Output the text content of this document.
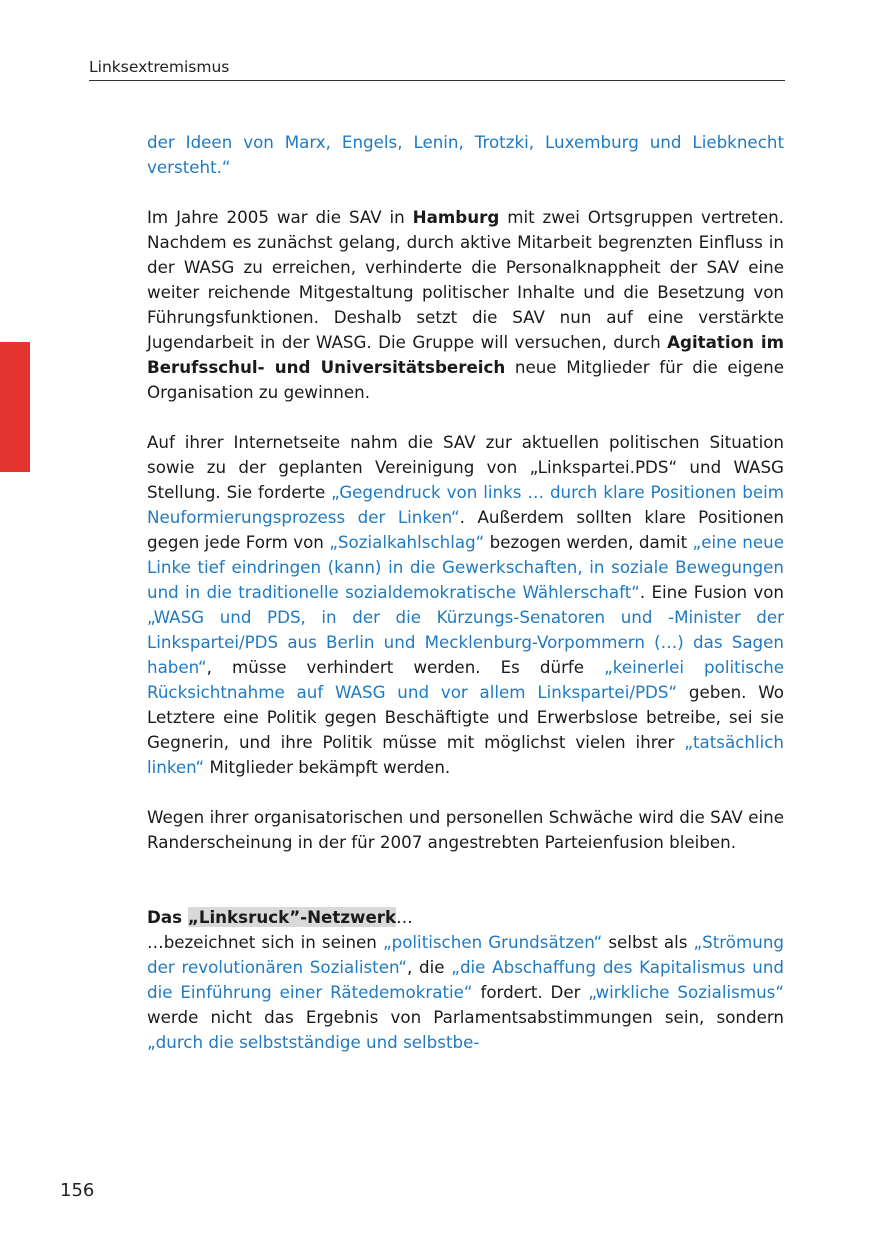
Linksextremismus

der Ideen von Marx, Engels, Lenin, Trotzki, Luxemburg und Liebknecht versteht.“

Im Jahre 2005 war die SAV in Hamburg mit zwei Ortsgruppen vertreten. Nachdem es zunächst gelang, durch aktive Mitarbeit begrenzten Einfluss in der WASG zu erreichen, verhinderte die Personalknappheit der SAV eine weiter reichende Mitgestaltung politischer Inhalte und die Besetzung von Führungsfunktionen. Deshalb setzt die SAV nun auf eine verstärkte Jugendarbeit in der WASG. Die Gruppe will versuchen, durch Agitation im Berufsschul- und Universitätsbereich neue Mitglieder für die eigene Organisation zu gewinnen.

Auf ihrer Internetseite nahm die SAV zur aktuellen politischen Situation sowie zu der geplanten Vereinigung von „Linkspartei.PDS“ und WASG Stellung. Sie forderte „Gegendruck von links … durch klare Positionen beim Neuformierungsprozess der Linken“. Außerdem sollten klare Positionen gegen jede Form von „Sozialkahlschlag“ bezogen werden, damit „eine neue Linke tief eindringen (kann) in die Gewerkschaften, in soziale Bewegungen und in die traditionelle sozialdemokratische Wählerschaft“. Eine Fusion von „WASG und PDS, in der die Kürzungs-Senatoren und -Minister der Linkspartei/PDS aus Berlin und Mecklenburg-Vorpommern (…) das Sagen haben“, müsse verhindert werden. Es dürfe „keinerlei politische Rücksichtnahme auf WASG und vor allem Linkspartei/PDS“ geben. Wo Letztere eine Politik gegen Beschäftigte und Erwerbslose betreibe, sei sie Gegnerin, und ihre Politik müsse mit möglichst vielen ihrer „tatsächlich linken“ Mitglieder bekämpft werden.

Wegen ihrer organisatorischen und personellen Schwäche wird die SAV eine Randerscheinung in der für 2007 angestrebten Parteienfusion bleiben.

Das „Linksruck”-Netzwerk…
…bezeichnet sich in seinen „politischen Grundsätzen“ selbst als „Strömung der revolutionären Sozialisten“, die „die Abschaffung des Kapitalismus und die Einführung einer Rätedemokratie“ fordert. Der „wirkliche Sozialismus“ werde nicht das Ergebnis von Parlamentsabstimmungen sein, sondern „durch die selbstständige und selbstbe-

156
